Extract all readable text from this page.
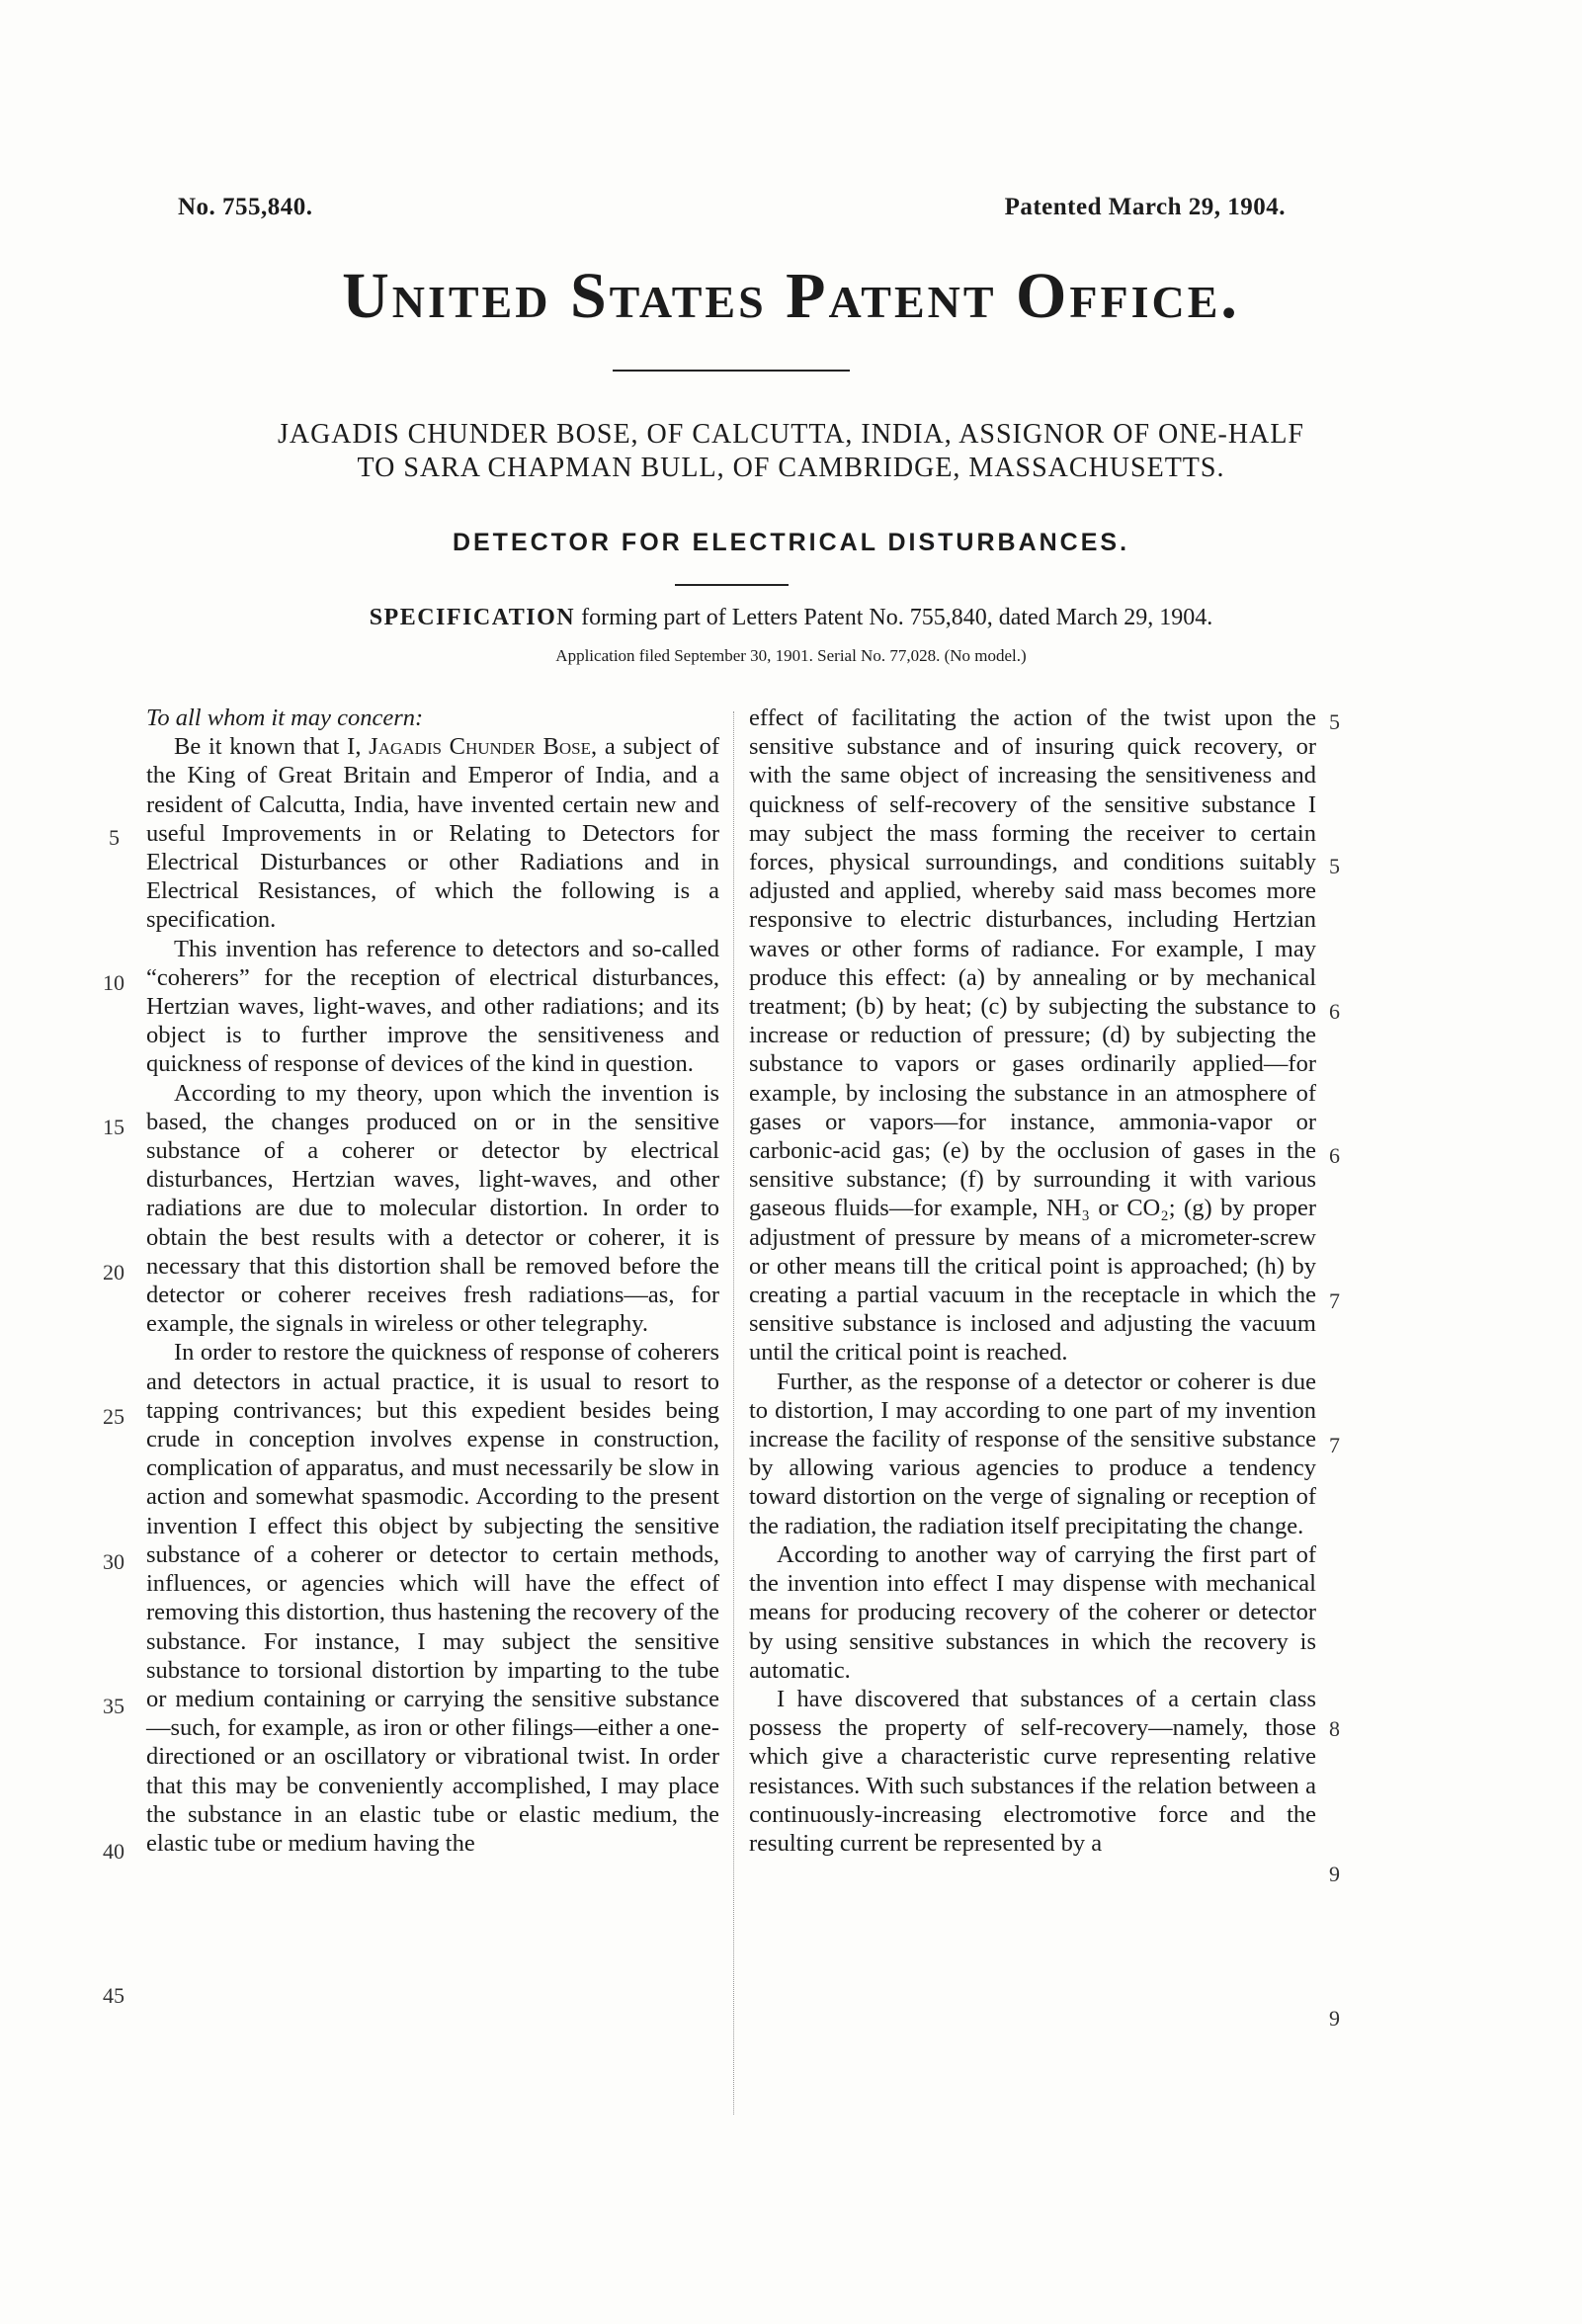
No. 755,840.	Patented March 29, 1904.
United States Patent Office.
JAGADIS CHUNDER BOSE, OF CALCUTTA, INDIA, ASSIGNOR OF ONE-HALF
TO SARA CHAPMAN BULL, OF CAMBRIDGE, MASSACHUSETTS.
DETECTOR FOR ELECTRICAL DISTURBANCES.
SPECIFICATION forming part of Letters Patent No. 755,840, dated March 29, 1904.
Application filed September 30, 1901. Serial No. 77,028. (No model.)

To all whom it may concern:

Be it known that I, Jagadis Chunder Bose, a subject of the King of Great Britain and Emperor of India, and a resident of Calcutta, India, have invented certain new and useful Improvements in or Relating to Detectors for Electrical Disturbances or other Radiations and in Electrical Resistances, of which the following is a specification.

This invention has reference to detectors and so-called “coherers” for the reception of electrical disturbances, Hertzian waves, light-waves, and other radiations; and its object is to further improve the sensitiveness and quickness of response of devices of the kind in question.

According to my theory, upon which the invention is based, the changes produced on or in the sensitive substance of a coherer or detector by electrical disturbances, Hertzian waves, light-waves, and other radiations are due to molecular distortion. In order to obtain the best results with a detector or coherer, it is necessary that this distortion shall be removed before the detector or coherer receives fresh radiations—as, for example, the signals in wireless or other telegraphy.

In order to restore the quickness of response of coherers and detectors in actual practice, it is usual to resort to tapping contrivances; but this expedient besides being crude in conception involves expense in construction, complication of apparatus, and must necessarily be slow in action and somewhat spasmodic. According to the present invention I effect this object by subjecting the sensitive substance of a coherer or detector to certain methods, influences, or agencies which will have the effect of removing this distortion, thus hastening the recovery of the substance. For instance, I may subject the sensitive substance to torsional distortion by imparting to the tube or medium containing or carrying the sensitive substance—such, for example, as iron or other filings—either a one-directioned or an oscillatory or vibrational twist. In order that this may be conveniently accomplished, I may place the substance in an elastic tube or elastic medium, the elastic tube or medium having the

effect of facilitating the action of the twist upon the sensitive substance and of insuring quick recovery, or with the same object of increasing the sensitiveness and quickness of self-recovery of the sensitive substance I may subject the mass forming the receiver to certain forces, physical surroundings, and conditions suitably adjusted and applied, whereby said mass becomes more responsive to electric disturbances, including Hertzian waves or other forms of radiance. For example, I may produce this effect: (a) by annealing or by mechanical treatment; (b) by heat; (c) by subjecting the substance to increase or reduction of pressure; (d) by subjecting the substance to vapors or gases ordinarily applied—for example, by inclosing the substance in an atmosphere of gases or vapors—for instance, ammonia-vapor or carbonic-acid gas; (e) by the occlusion of gases in the sensitive substance; (f) by surrounding it with various gaseous fluids—for example, NH₃ or CO₂; (g) by proper adjustment of pressure by means of a micrometer-screw or other means till the critical point is approached; (h) by creating a partial vacuum in the receptacle in which the sensitive substance is inclosed and adjusting the vacuum until the critical point is reached.

Further, as the response of a detector or coherer is due to distortion, I may according to one part of my invention increase the facility of response of the sensitive substance by allowing various agencies to produce a tendency toward distortion on the verge of signaling or reception of the radiation, the radiation itself precipitating the change.

According to another way of carrying the first part of the invention into effect I may dispense with mechanical means for producing recovery of the coherer or detector by using sensitive substances in which the recovery is automatic.

I have discovered that substances of a certain class possess the property of self-recovery—namely, those which give a characteristic curve representing relative resistances. With such substances if the relation between a continuously-increasing electromotive force and the resulting current be represented by a

5
10
15
20
25
30
35
40
45
5
5
6
6
7
7
8
9
9
